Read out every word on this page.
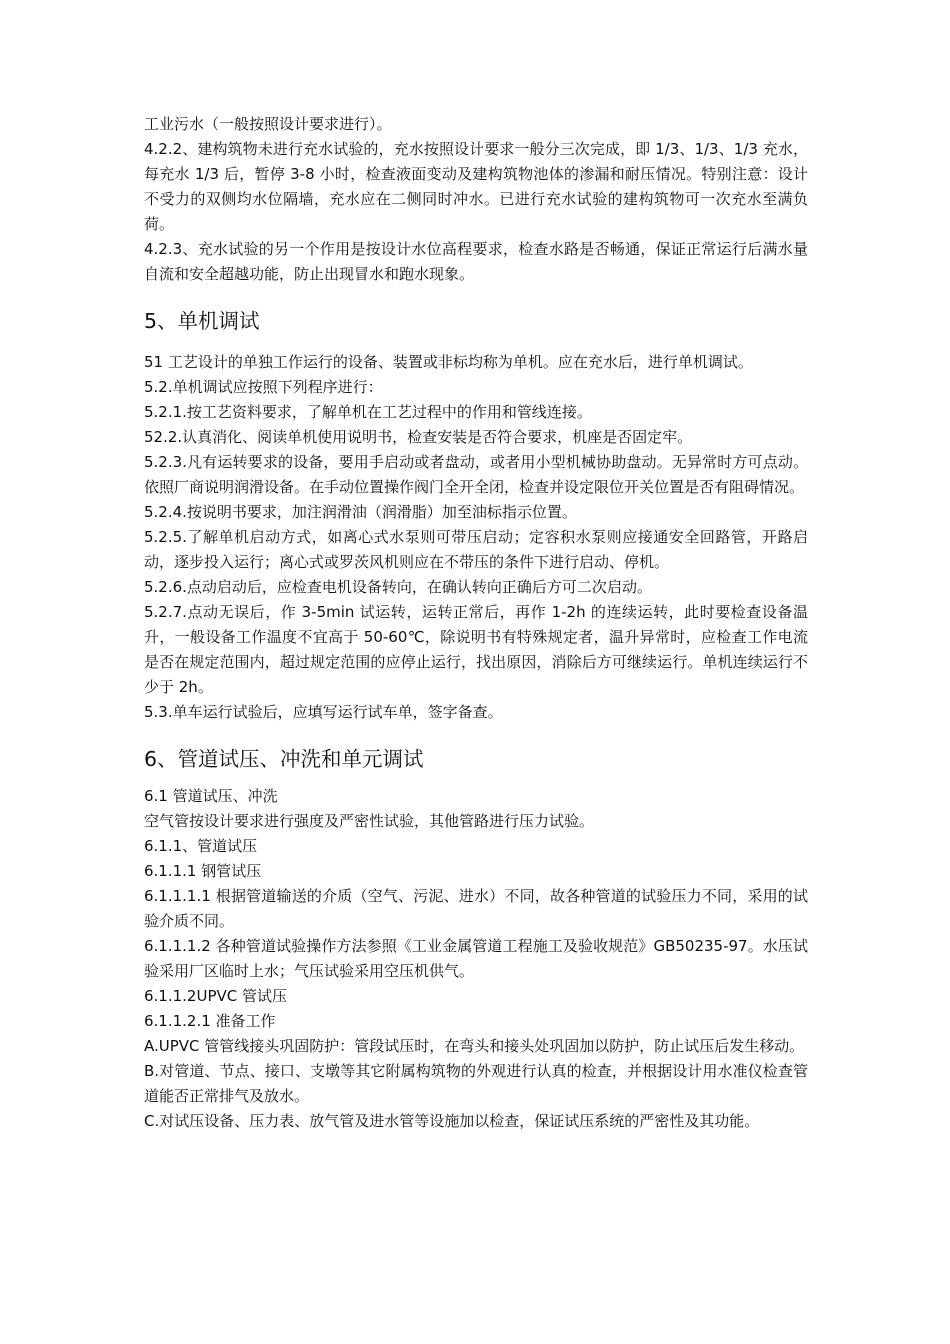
工业污水（一般按照设计要求进行）。

4.2.2、建构筑物未进行充水试验的，充水按照设计要求一般分三次完成，即 1/3、1/3、1/3 充水，每充水 1/3 后，暂停 3-8 小时，检查液面变动及建构筑物池体的渗漏和耐压情况。特别注意：设计不受力的双侧均水位隔墙，充水应在二侧同时冲水。已进行充水试验的建构筑物可一次充水至满负荷。

4.2.3、充水试验的另一个作用是按设计水位高程要求，检查水路是否畅通，保证正常运行后满水量自流和安全超越功能，防止出现冒水和跑水现象。

5、单机调试

51 工艺设计的单独工作运行的设备、装置或非标均称为单机。应在充水后，进行单机调试。

5.2.单机调试应按照下列程序进行：

5.2.1.按工艺资料要求，了解单机在工艺过程中的作用和管线连接。

52.2.认真消化、阅读单机使用说明书，检查安装是否符合要求，机座是否固定牢。

5.2.3.凡有运转要求的设备，要用手启动或者盘动，或者用小型机械协助盘动。无异常时方可点动。依照厂商说明润滑设备。在手动位置操作阀门全开全闭，检查并设定限位开关位置是否有阻碍情况。

5.2.4.按说明书要求，加注润滑油（润滑脂）加至油标指示位置。

5.2.5.了解单机启动方式，如离心式水泵则可带压启动；定容积水泵则应接通安全回路管，开路启动，逐步投入运行；离心式或罗茨风机则应在不带压的条件下进行启动、停机。

5.2.6.点动启动后，应检查电机设备转向，在确认转向正确后方可二次启动。

5.2.7.点动无误后，作 3-5min 试运转，运转正常后，再作 1-2h 的连续运转，此时要检查设备温升，一般设备工作温度不宜高于 50-60℃，除说明书有特殊规定者，温升异常时，应检查工作电流是否在规定范围内，超过规定范围的应停止运行，找出原因，消除后方可继续运行。单机连续运行不少于 2h。

5.3.单车运行试验后，应填写运行试车单，签字备查。

6、管道试压、冲洗和单元调试

6.1 管道试压、冲洗

空气管按设计要求进行强度及严密性试验，其他管路进行压力试验。

6.1.1、管道试压

6.1.1.1 钢管试压

6.1.1.1.1 根据管道输送的介质（空气、污泥、进水）不同，故各种管道的试验压力不同，采用的试验介质不同。

6.1.1.1.2 各种管道试验操作方法参照《工业金属管道工程施工及验收规范》GB50235-97。水压试验采用厂区临时上水；气压试验采用空压机供气。

6.1.1.2UPVC 管试压

6.1.1.2.1 准备工作

A.UPVC 管管线接头巩固防护：管段试压时，在弯头和接头处巩固加以防护，防止试压后发生移动。

B.对管道、节点、接口、支墩等其它附属构筑物的外观进行认真的检查，并根据设计用水准仪检查管道能否正常排气及放水。

C.对试压设备、压力表、放气管及进水管等设施加以检查，保证试压系统的严密性及其功能。
